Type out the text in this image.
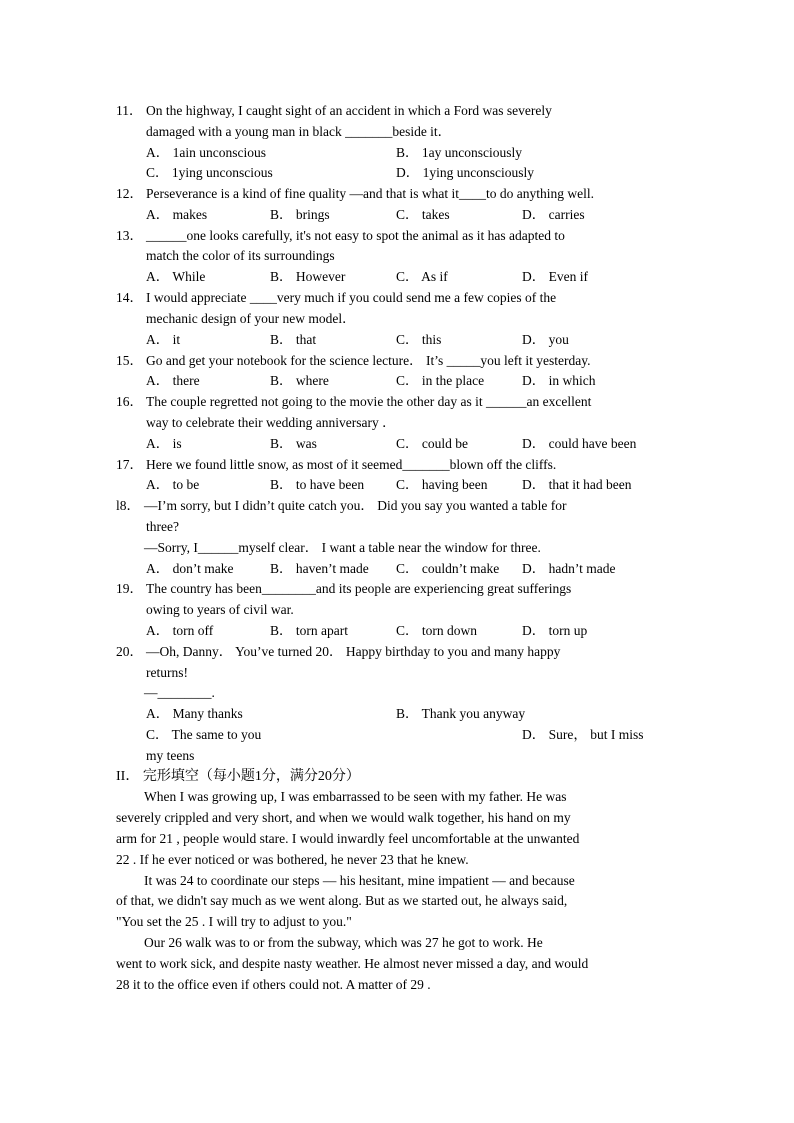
11． On the highway, I caught sight of an accident in which a Ford was severely
damaged with a young man in black _______beside it．
A． 1ain unconscious	B． 1ay unconsciously
C． 1ying unconscious	D． 1ying unconsciously
12． Perseverance is a kind of fine quality —and that is what it____to do anything well.
A． makes	B． brings	C． takes	D． carries
13． ______one looks carefully, it's not easy to spot the animal as it has adapted to
match the color of its surroundings
A． While	B． However	C． As if	D． Even if
14． I would appreciate ____very much if you could send me a few copies of the
mechanic design of your new model．
A． it	B． that	C． this	D． you
15． Go and get your notebook for the science lecture． It’s _____you left it yesterday.
A． there	B． where	C． in the place	D． in which
16． The couple regretted not going to the movie the other day as it ______an excellent
way to celebrate their wedding anniversary ．
A． is	B． was	C． could be	D． could have been
17． Here we found little snow, as most of it seemed_______blown off the cliffs.
A． to be	B． to have been C． having been	D． that it had been
l8． —I’m sorry, but I didn’t quite catch you． Did you say you wanted a table for
three?
—Sorry, I______myself clear． I want a table near the window for three.
A． don’t make	B． haven’t made C． couldn’t make D． hadn’t made
19． The country has been________and its people are experiencing great sufferings
owing to years of civil war.
A． torn off	B． torn apart	C． torn down	D． torn up
20． —Oh, Danny． You’ve turned 20． Happy birthday to you and many happy
returns!
—________.
A． Many thanks	B． Thank you anyway
C． The same to you	D． Sure， but I miss
my teens
II． 完形填空（每小题1分，满分20分）
When I was growing up, I was embarrassed to be seen with my father. He was
severely crippled and very short, and when we would walk together, his hand on my
arm for 21 , people would stare. I would inwardly feel uncomfortable at the unwanted
22 . If he ever noticed or was bothered, he never 23 that he knew.
It was 24 to coordinate our steps — his hesitant, mine impatient — and because
of that, we didn't say much as we went along. But as we started out, he always said,
"You set the 25 . I will try to adjust to you."
Our 26 walk was to or from the subway, which was 27 he got to work. He
went to work sick, and despite nasty weather. He almost never missed a day, and would
28 it to the office even if others could not. A matter of 29 .
